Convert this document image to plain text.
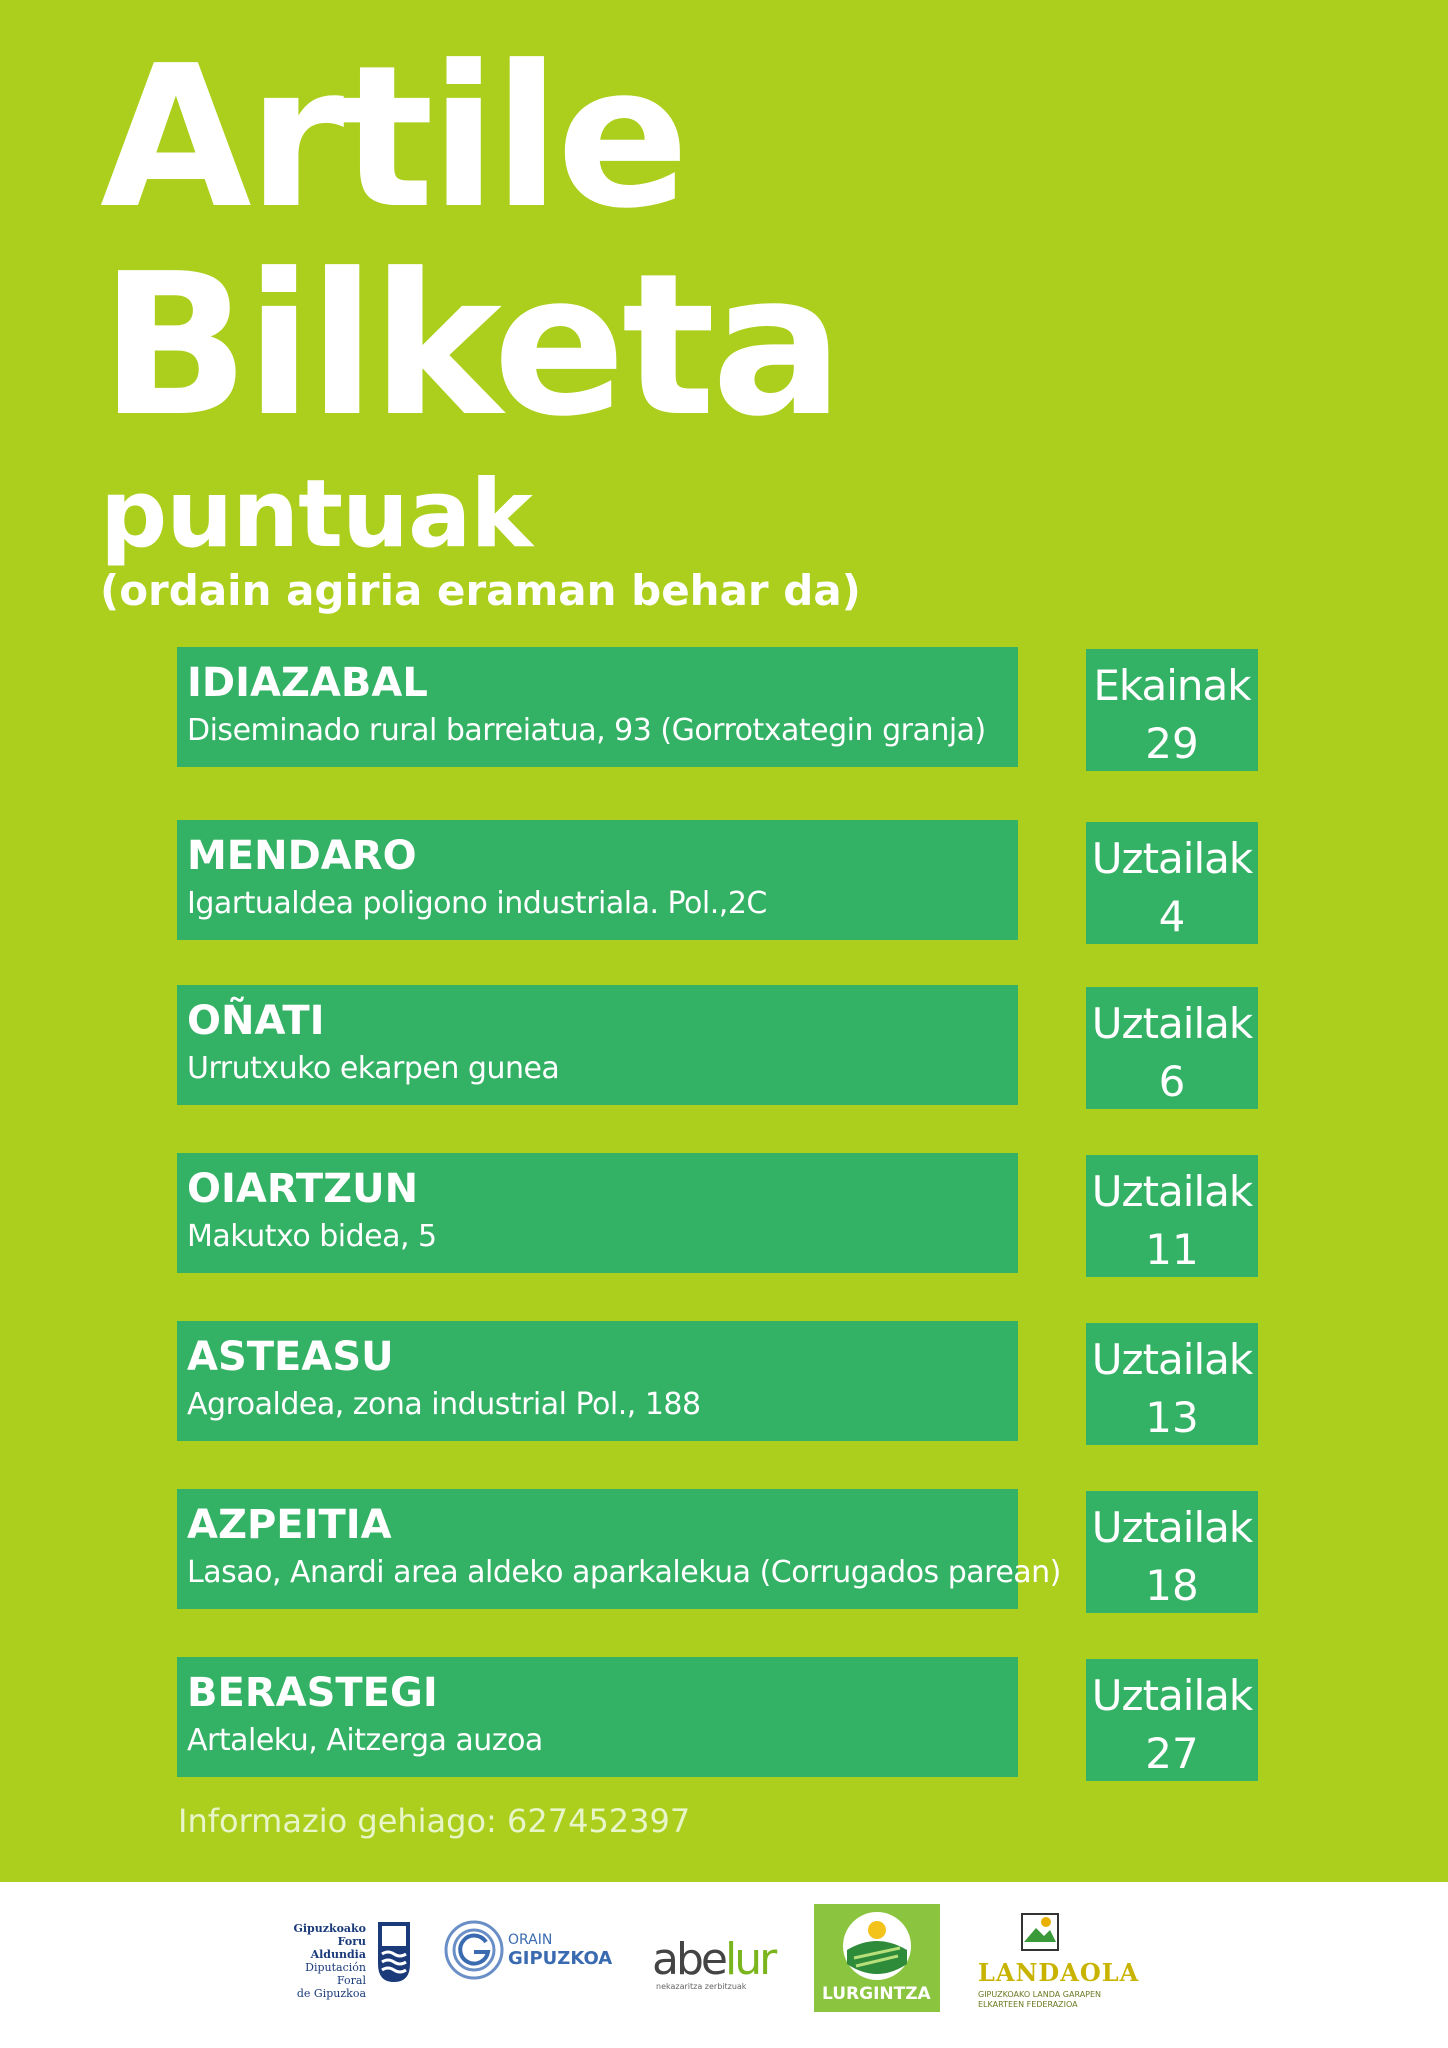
Artile
Bilketa
puntuak

(ordain agiria eraman behar da)

IDIAZABAL
Diseminado rural barreiatua, 93 (Gorrotxategin granja)
Ekainak
29
MENDARO
Igartualdea poligono industriala. Pol.,2C
Uztailak
4
OÑATI
Urrutxuko ekarpen gunea
Uztailak
6
OIARTZUN
Makutxo bidea, 5
Uztailak
11
ASTEASU
Agroaldea, zona industrial Pol., 188
Uztailak
13
AZPEITIA
Lasao, Anardi area aldeko aparkalekua (Corrugados parean)
Uztailak
18
BERASTEGI
Artaleku, Aitzerga auzoa
Uztailak
27
Informazio gehiago: 627452397
Gipuzkoako
Foru Aldundia
Diputación Foral
de Gipuzkoa
ORAIN
GIPUZKOA abelur
nekazaritza zerbitzuak	LURGINTZA
LANDAOLA
GIPUZKOAKO LANDA GARAPEN
ELKARTEEN FEDERAZIOA
